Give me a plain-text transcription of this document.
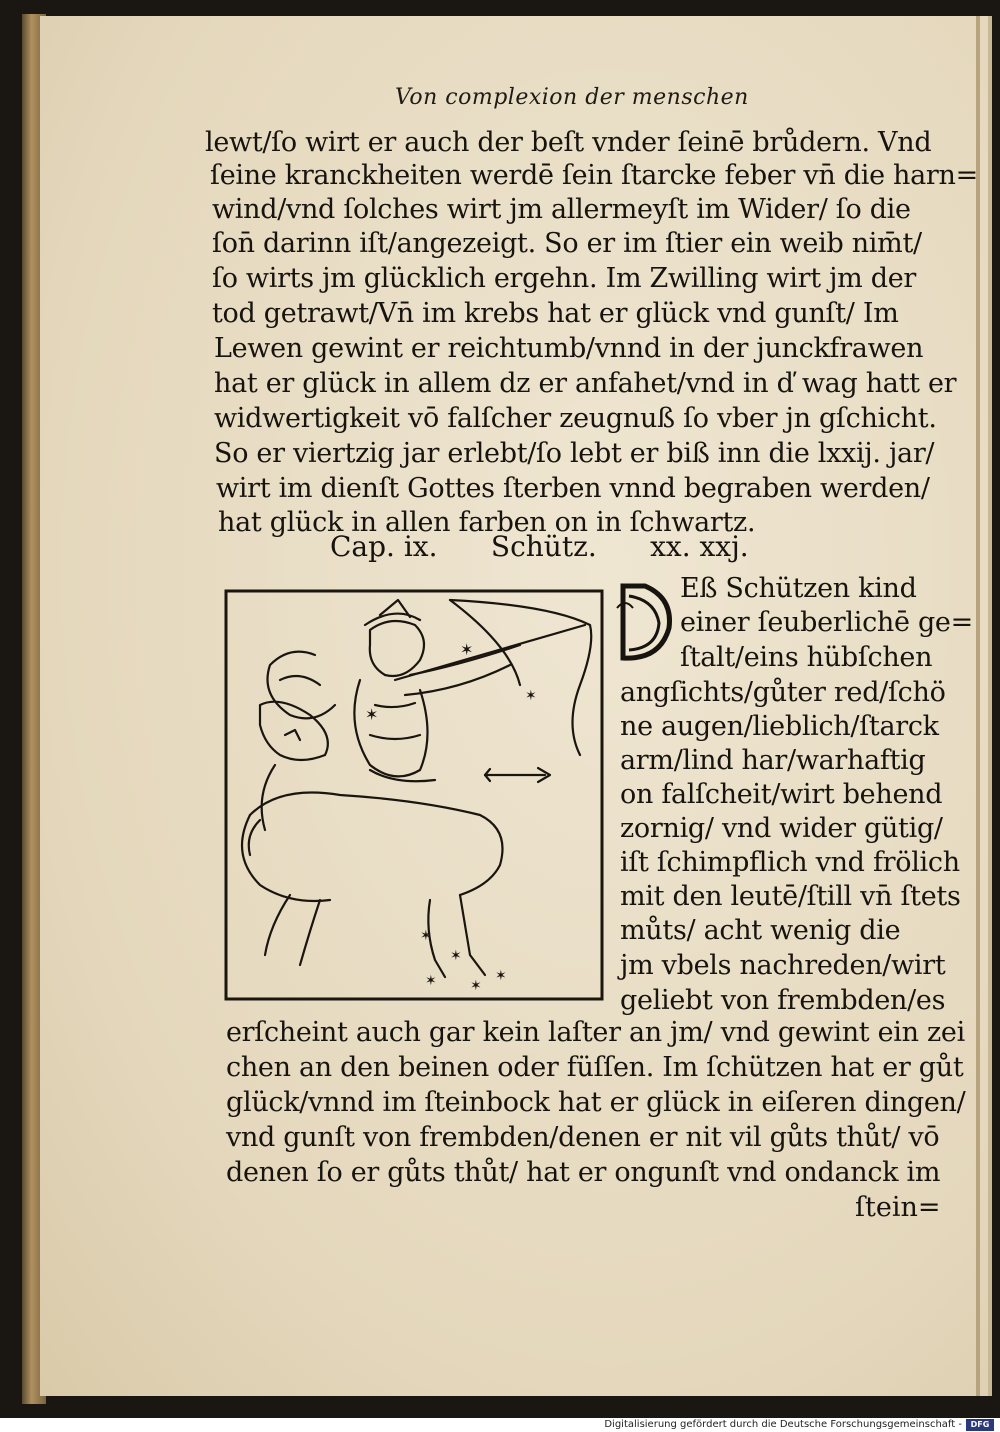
Von complexion der menschen
lewt/ſo wirt er auch der beſt vnder ſeinē brůdern. Vnd
ſeine kranckheiten werdē ſein ſtarcke feber vn̄ die harn=
wind/vnd ſolches wirt jm allermeyſt im Wider/ ſo die
ſon̄ darinn iſt/angezeigt. So er im ſtier ein weib nim̄t/
ſo wirts jm glücklich ergehn. Im Zwilling wirt jm der
tod getrawt/Vn̄ im krebs hat er glück vnd gunſt/ Im
Lewen gewint er reichtumb/vnnd in der junckfrawen
hat er glück in allem dz er anfahet/vnd in ď wag hatt er
widwertigkeit vō falſcher zeugnuß ſo vber jn gſchicht.
So er viertzig jar erlebt/ſo lebt er biß inn die lxxij. jar/
wirt im dienſt Gottes ſterben vnnd begraben werden/
hat glück in allen farben on in ſchwartz.
Cap. ix.      Schütz.      xx. xxj.
✶
✶
✶
✶
✶
✶
✶
✶
Eß Schützen kind
einer ſeuberlichē ge=
ſtalt/eins hübſchen
angſichts/gůter red/ſchö
ne augen/lieblich/ſtarck
arm/lind har/warhaftig
on falſcheit/wirt behend
zornig/ vnd wider gütig/
iſt ſchimpflich vnd frölich
mit den leutē/ſtill vn̄ ſtets
můts/ acht wenig die
jm vbels nachreden/wirt
geliebt von frembden/es
erſcheint auch gar kein laſter an jm/ vnd gewint ein zei
chen an den beinen oder füſſen. Im ſchützen hat er gůt
glück/vnnd im ſteinbock hat er glück in eiſeren dingen/
vnd gunſt von frembden/denen er nit vil gůts thůt/ vō
denen ſo er gůts thůt/ hat er ongunſt vnd ondanck im
ſtein=
Digitalisierung gefördert durch die Deutsche Forschungsgemeinschaft -	DFG
